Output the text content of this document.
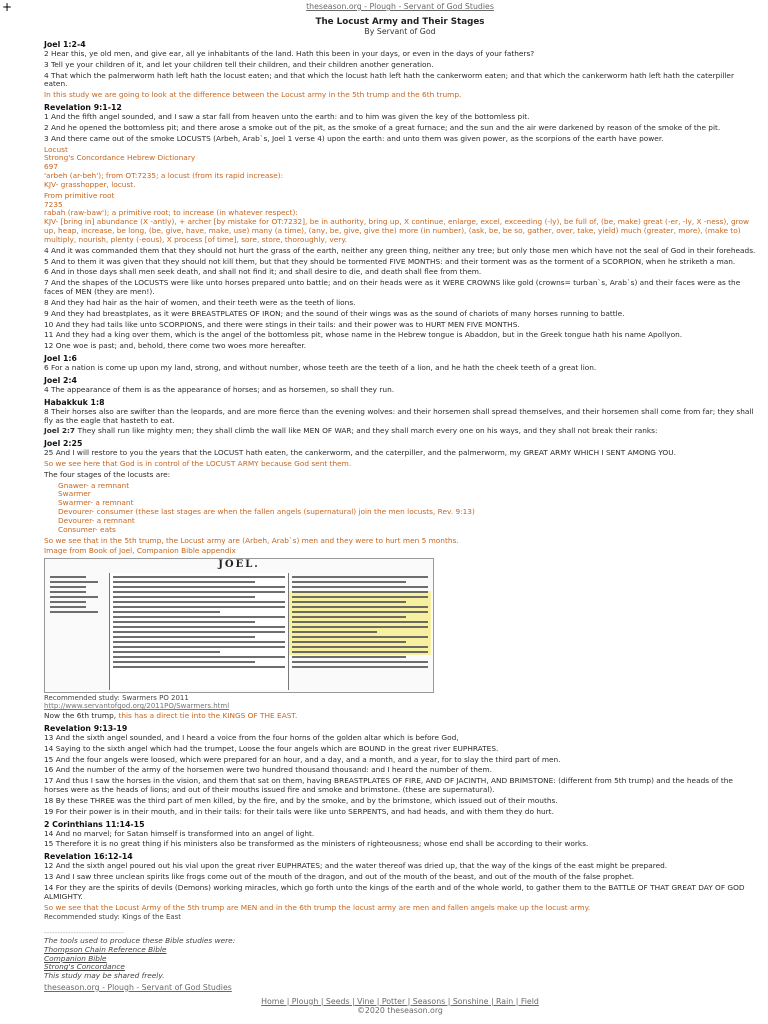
+	theseason.org - Plough - Servant of God Studies
The Locust Army and Their Stages
By Servant of God
Joel 1:2-4
2 Hear this, ye old men, and give ear, all ye inhabitants of the land. Hath this been in your days, or even in the days of your fathers?
3 Tell ye your children of it, and let your children tell their children, and their children another generation.
4 That which the palmerworm hath left hath the locust eaten; and that which the locust hath left hath the cankerworm eaten; and that which the cankerworm hath left hath the caterpiller eaten.
In this study we are going to look at the difference between the Locust army in the 5th trump and the 6th trump.
Revelation 9:1-12
1 And the fifth angel sounded, and I saw a star fall from heaven unto the earth: and to him was given the key of the bottomless pit.
2 And he opened the bottomless pit; and there arose a smoke out of the pit, as the smoke of a great furnace; and the sun and the air were darkened by reason of the smoke of the pit.
3 And there came out of the smoke LOCUSTS (Arbeh, Arab`s, Joel 1 verse 4) upon the earth: and unto them was given power, as the scorpions of the earth have power.
Locust
Strong's Concordance Hebrew Dictionary
697
'arbeh (ar-beh'); from OT:7235; a locust (from its rapid increase):
KJV- grasshopper, locust.
From primitive root
7235
rabah (raw-baw'); a primitive root; to increase (in whatever respect):
KJV- [bring in] abundance (X -antly), + archer [by mistake for OT:7232], be in authority, bring up, X continue, enlarge, excel, exceeding (-ly), be full of, (be, make) great (-er, -ly, X -ness), grow up, heap, increase, be long, (be, give, have, make, use) many (a time), (any, be, give, give the) more (in number), (ask, be, be so, gather, over, take, yield) much (greater, more), (make to) multiply, nourish, plenty (-eous), X process [of time], sore, store, thoroughly, very.
4 And it was commanded them that they should not hurt the grass of the earth, neither any green thing, neither any tree; but only those men which have not the seal of God in their foreheads.
5 And to them it was given that they should not kill them, but that they should be tormented FIVE MONTHS: and their torment was as the torment of a SCORPION, when he striketh a man.
6 And in those days shall men seek death, and shall not find it; and shall desire to die, and death shall flee from them.
7 And the shapes of the LOCUSTS were like unto horses prepared unto battle; and on their heads were as it WERE CROWNS like gold (crowns= turban`s, Arab`s) and their faces were as the faces of MEN (they are men!).
8 And they had hair as the hair of women, and their teeth were as the teeth of lions.
9 And they had breastplates, as it were BREASTPLATES OF IRON; and the sound of their wings was as the sound of chariots of many horses running to battle.
10 And they had tails like unto SCORPIONS, and there were stings in their tails: and their power was to HURT MEN FIVE MONTHS.
11 And they had a king over them, which is the angel of the bottomless pit, whose name in the Hebrew tongue is Abaddon, but in the Greek tongue hath his name Apollyon.
12 One woe is past; and, behold, there come two woes more hereafter.
Joel 1:6
6 For a nation is come up upon my land, strong, and without number, whose teeth are the teeth of a lion, and he hath the cheek teeth of a great lion.
Joel 2:4
4 The appearance of them is as the appearance of horses; and as horsemen, so shall they run.
Habakkuk 1:8
8 Their horses also are swifter than the leopards, and are more fierce than the evening wolves: and their horsemen shall spread themselves, and their horsemen shall come from far; they shall fly as the eagle that hasteth to eat.
Joel 2:7 They shall run like mighty men; they shall climb the wall like MEN OF WAR; and they shall march every one on his ways, and they shall not break their ranks:
Joel 2:25
25 And I will restore to you the years that the LOCUST hath eaten, the cankerworm, and the caterpiller, and the palmerworm, my GREAT ARMY WHICH I SENT AMONG YOU.
So we see here that God is in control of the LOCUST ARMY because God sent them.
The four stages of the locusts are:
Gnawer- a remnant
Swarmer
Swarmer- a remnant
Devourer- consumer (these last stages are when the fallen angels (supernatural) join the men locusts, Rev. 9:13)
Devourer- a remnant
Consumer- eats
So we see that in the 5th trump, the Locust army are (Arbeh, Arab`s) men and they were to hurt men 5 months.
Image from Book of Joel, Companion Bible appendix
JOEL.
Recommended study: Swarmers PO 2011
http://www.servantofgod.org/2011PO/Swarmers.html
Now the 6th trump, this has a direct tie into the KINGS OF THE EAST.
Revelation 9:13-19
13 And the sixth angel sounded, and I heard a voice from the four horns of the golden altar which is before God,
14 Saying to the sixth angel which had the trumpet, Loose the four angels which are BOUND in the great river EUPHRATES.
15 And the four angels were loosed, which were prepared for an hour, and a day, and a month, and a year, for to slay the third part of men.
16 And the number of the army of the horsemen were two hundred thousand thousand: and I heard the number of them.
17 And thus I saw the horses in the vision, and them that sat on them, having BREASTPLATES OF FIRE, AND OF JACINTH, AND BRIMSTONE: (different from 5th trump) and the heads of the horses were as the heads of lions; and out of their mouths issued fire and smoke and brimstone. (these are supernatural).
18 By these THREE was the third part of men killed, by the fire, and by the smoke, and by the brimstone, which issued out of their mouths.
19 For their power is in their mouth, and in their tails: for their tails were like unto SERPENTS, and had heads, and with them they do hurt.
2 Corinthians 11:14-15
14 And no marvel; for Satan himself is transformed into an angel of light.
15 Therefore it is no great thing if his ministers also be transformed as the ministers of righteousness; whose end shall be according to their works.
Revelation 16:12-14
12 And the sixth angel poured out his vial upon the great river EUPHRATES; and the water thereof was dried up, that the way of the kings of the east might be prepared.
13 And I saw three unclean spirits like frogs come out of the mouth of the dragon, and out of the mouth of the beast, and out of the mouth of the false prophet.
14 For they are the spirits of devils (Demons) working miracles, which go forth unto the kings of the earth and of the whole world, to gather them to the BATTLE OF THAT GREAT DAY OF GOD ALMIGHTY.
So we see that the Locust Army of the 5th trump are MEN and in the 6th trump the locust army are men and fallen angels make up the locust army.
Recommended study: Kings of the East
------------------------------
The tools used to produce these Bible studies were:
Thompson Chain Reference Bible
Companion Bible
Strong's Concordance
This study may be shared freely.
theseason.org - Plough - Servant of God Studies
Home | Plough | Seeds | Vine | Potter | Seasons | Sonshine | Rain | Field
©2020 theseason.org
